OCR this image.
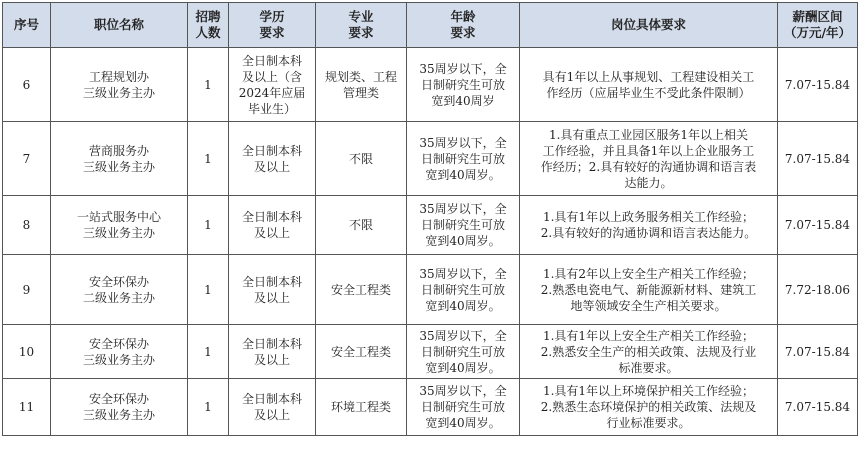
序号	职位名称	招聘
人数	学历
要求	专业
要求	年龄
要求	岗位具体要求	薪酬区间
（万元/年）
6	工程规划办
三级业务主办	1	全日制本科
及以上（含
2024年应届
毕业生）	规划类、工程
管理类	35周岁以下，全
日制研究生可放
宽到40周岁	具有1年以上从事规划、工程建设相关工
作经历（应届毕业生不受此条件限制）	7.07-15.84
7	营商服务办
三级业务主办	1	全日制本科
及以上	不限	35周岁以下，全
日制研究生可放
宽到40周岁。	1.具有重点工业园区服务1年以上相关
工作经验，并且具备1年以上企业服务工
作经历；2.具有较好的沟通协调和语言表
达能力。	7.07-15.84
8	一站式服务中心
三级业务主办	1	全日制本科
及以上	不限	35周岁以下，全
日制研究生可放
宽到40周岁。	1.具有1年以上政务服务相关工作经验；
2.具有较好的沟通协调和语言表达能力。	7.07-15.84
9	安全环保办
二级业务主办	1	全日制本科
及以上	安全工程类	35周岁以下，全
日制研究生可放
宽到40周岁。	1.具有2年以上安全生产相关工作经验；
2.熟悉电瓷电气、新能源新材料、建筑工
地等领域安全生产相关要求。	7.72-18.06
10	安全环保办
三级业务主办	1	全日制本科
及以上	安全工程类	35周岁以下，全
日制研究生可放
宽到40周岁。	1.具有1年以上安全生产相关工作经验；
2.熟悉安全生产的相关政策、法规及行业
标准要求。	7.07-15.84
11	安全环保办
三级业务主办	1	全日制本科
及以上	环境工程类	35周岁以下，全
日制研究生可放
宽到40周岁。	1.具有1年以上环境保护相关工作经验；
2.熟悉生态环境保护的相关政策、法规及
行业标准要求。	7.07-15.84
